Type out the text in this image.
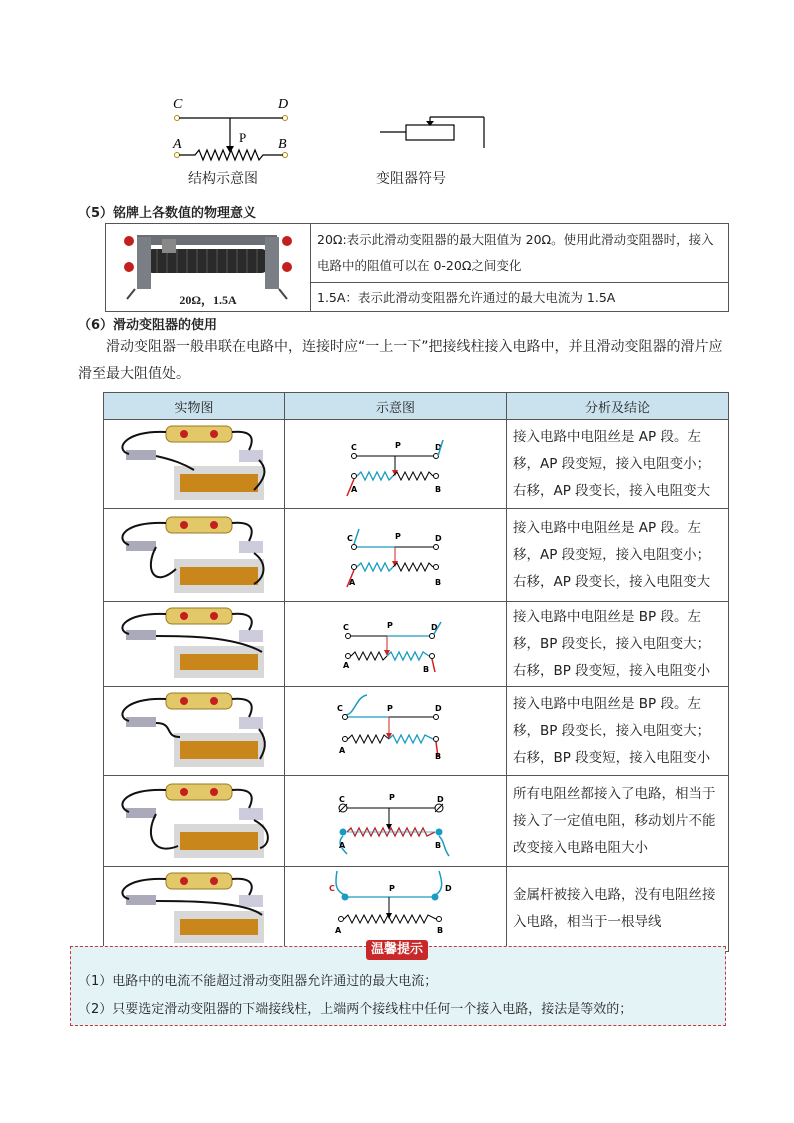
C	D
P
A	B
结构示意图	变阻器符号
（5）铭牌上各数值的物理意义
20Ω，1.5A
	20Ω:表示此滑动变阻器的最大阻值为 20Ω。使用此滑动变阻器时，接入电路中的阻值可以在 0-20Ω之间变化
1.5A：表示此滑动变阻器允许通过的最大电流为 1.5A
（6）滑动变阻器的使用
滑动变阻器一般串联在电路中，连接时应“一上一下”把接线柱接入电路中，并且滑动变阻器的滑片应滑至最大阻值处。
实物图	示意图	分析及结论

C P D
A B	接入电路中电阻丝是 AP 段。左移，AP 段变短，接入电阻变小；右移，AP 段变长，接入电阻变大

C P D
A B	接入电路中电阻丝是 AP 段。左移，AP 段变短，接入电阻变小；右移，AP 段变长，接入电阻变大

C P D
A B	接入电路中电阻丝是 BP 段。左移，BP 段变长，接入电阻变大；右移，BP 段变短，接入电阻变小

C P D
A
B	接入电路中电阻丝是 BP 段。左移，BP 段变长，接入电阻变大；右移，BP 段变短，接入电阻变小

C P D
A B	所有电阻丝都接入了电路，相当于接入了一定值电阻，移动划片不能改变接入电路电阻大小

C P D
A B	金属杆被接入电路，没有电阻丝接入电路，相当于一根导线
温馨提示
（1）电路中的电流不能超过滑动变阻器允许通过的最大电流；
（2）只要选定滑动变阻器的下端接线柱，上端两个接线柱中任何一个接入电路，接法是等效的；
